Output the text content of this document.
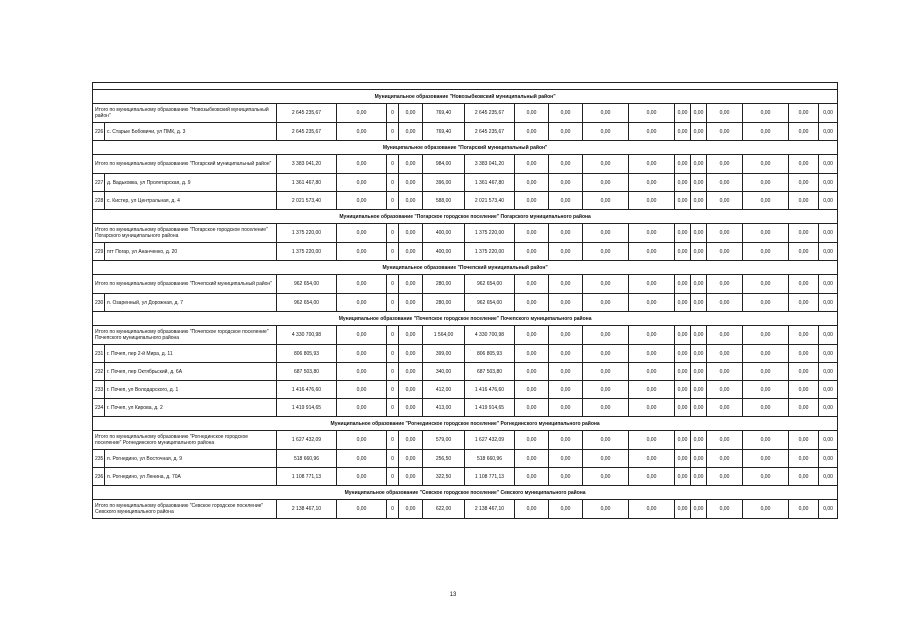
Муниципальное образование "Новозыбковский муниципальный район"																	
Итого по муниципальному образованию "Новозыбковский муниципальный район"		2 645 235,67	0,00	0	0,00	769,40	2 645 235,67	0,00	0,00	0,00	0,00	0,00	0,00	0,00	0,00	0,00	0,00
226	с. Старые Бобовичи, ул ПМК, д. 3	2 645 235,67	0,00	0	0,00	769,40	2 645 235,67	0,00	0,00	0,00	0,00	0,00	0,00	0,00	0,00	0,00	0,00
Муниципальное образование "Погарский муниципальный район"																	
Итого по муниципальному образованию "Погарский муниципальный район"		3 383 041,20	0,00	0	0,00	984,00	3 383 041,20	0,00	0,00	0,00	0,00	0,00	0,00	0,00	0,00	0,00	0,00
227	д. Вадьковка, ул Пролетарская, д. 9	1 361 467,80	0,00	0	0,00	396,00	1 361 467,80	0,00	0,00	0,00	0,00	0,00	0,00	0,00	0,00	0,00	0,00
228	с. Кистер, ул Центральная, д. 4	2 021 573,40	0,00	0	0,00	588,00	2 021 573,40	0,00	0,00	0,00	0,00	0,00	0,00	0,00	0,00	0,00	0,00
Муниципальное образование "Погарское городское поселение" Погарского муниципального района																	
Итого по муниципальному образованию "Погарское городское поселение" Погарского муниципального района		1 375 220,00	0,00	0	0,00	400,00	1 375 220,00	0,00	0,00	0,00	0,00	0,00	0,00	0,00	0,00	0,00	0,00
229	пгт Погар, ул Ананченко, д. 20	1 375 220,00	0,00	0	0,00	400,00	1 375 220,00	0,00	0,00	0,00	0,00	0,00	0,00	0,00	0,00	0,00	0,00
Муниципальное образование "Почепский муниципальный район"																	
Итого по муниципальному образованию "Почепский муниципальный район"		962 654,00	0,00	0	0,00	280,00	962 654,00	0,00	0,00	0,00	0,00	0,00	0,00	0,00	0,00	0,00	0,00
230	п. Озаренный, ул Дорожная, д. 7	962 654,00	0,00	0	0,00	280,00	962 654,00	0,00	0,00	0,00	0,00	0,00	0,00	0,00	0,00	0,00	0,00
Муниципальное образование "Почепское городское поселение" Почепского муниципального района																	
Итого по муниципальному образованию "Почепское городское поселение" Почепского муниципального района		4 330 700,98	0,00	0	0,00	1 564,00	4 330 700,98	0,00	0,00	0,00	0,00	0,00	0,00	0,00	0,00	0,00	0,00
231	г. Почеп, пер 2-й Мира, д. 11	806 805,93	0,00	0	0,00	399,00	806 805,93	0,00	0,00	0,00	0,00	0,00	0,00	0,00	0,00	0,00	0,00
232	г. Почеп, пер Октябрьский, д. 6А	687 503,80	0,00	0	0,00	340,00	687 503,80	0,00	0,00	0,00	0,00	0,00	0,00	0,00	0,00	0,00	0,00
233	г. Почеп, ул Володарского, д. 1	1 416 476,60	0,00	0	0,00	412,00	1 416 476,60	0,00	0,00	0,00	0,00	0,00	0,00	0,00	0,00	0,00	0,00
234	г. Почеп, ул Кирова, д. 2	1 419 914,65	0,00	0	0,00	413,00	1 419 914,65	0,00	0,00	0,00	0,00	0,00	0,00	0,00	0,00	0,00	0,00
Муниципальное образование "Рогнединское городское поселение" Рогнединского муниципального района																	
Итого по муниципальному образованию "Рогнединское городское поселение" Рогнединского муниципального района		1 627 432,09	0,00	0	0,00	579,00	1 627 432,09	0,00	0,00	0,00	0,00	0,00	0,00	0,00	0,00	0,00	0,00
235	п. Рогнедино, ул Восточная, д. 9	518 660,96	0,00	0	0,00	256,50	518 660,96	0,00	0,00	0,00	0,00	0,00	0,00	0,00	0,00	0,00	0,00
236	п. Рогнедино, ул Ленина, д. 70А	1 108 771,13	0,00	0	0,00	322,50	1 108 771,13	0,00	0,00	0,00	0,00	0,00	0,00	0,00	0,00	0,00	0,00
Муниципальное образование "Севское городское поселение" Севского муниципального района																	
Итого по муниципальному образованию "Севское городское поселение" Севского муниципального района		2 138 467,10	0,00	0	0,00	622,00	2 138 467,10	0,00	0,00	0,00	0,00	0,00	0,00	0,00	0,00	0,00	0,00
13
